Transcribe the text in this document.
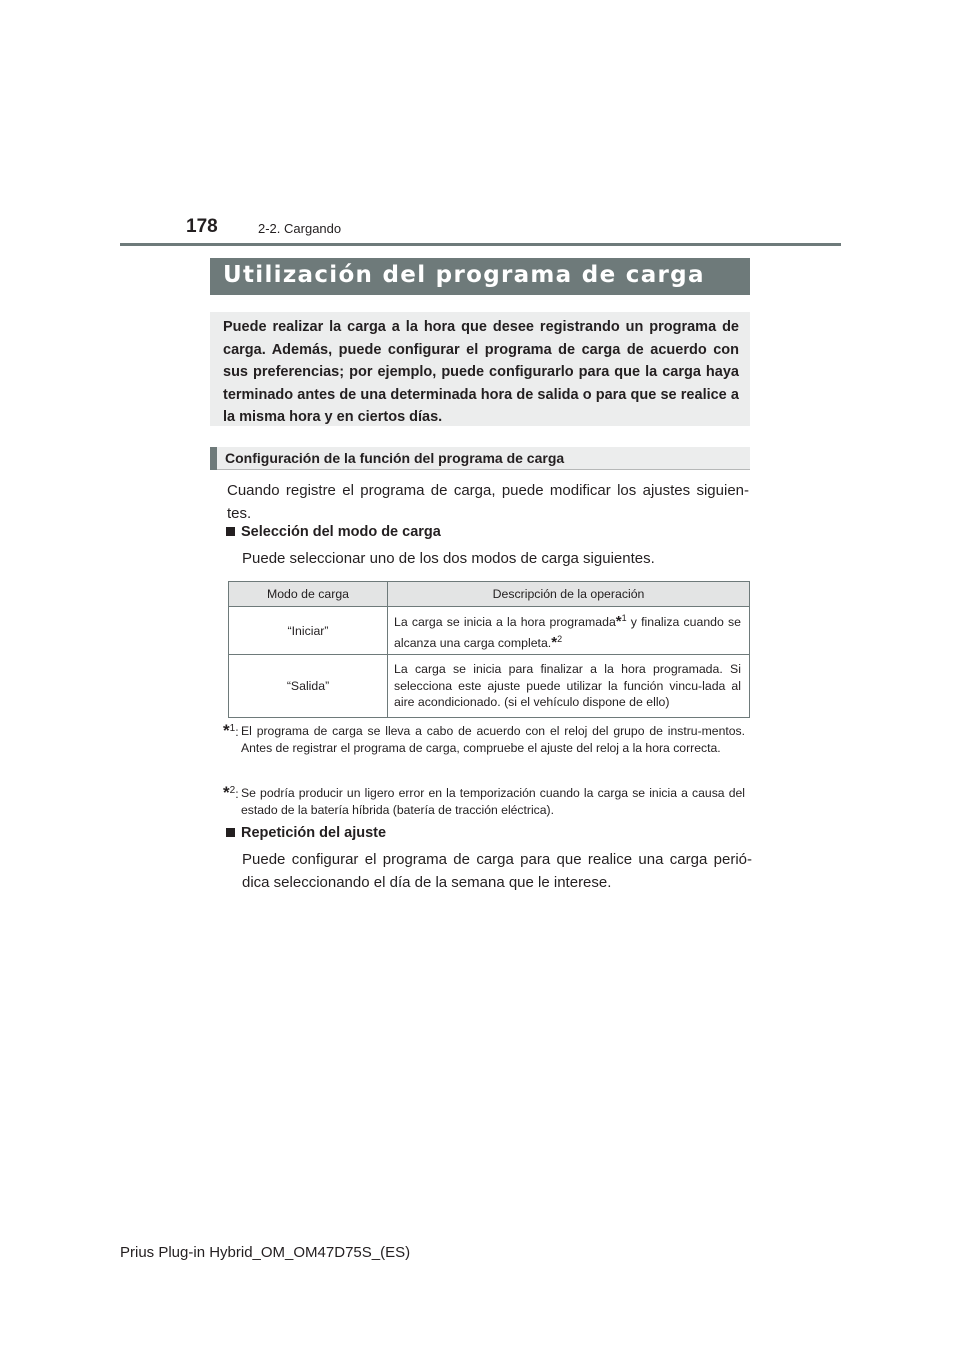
178	2-2. Cargando
Utilización del programa de carga

Puede realizar la carga a la hora que desee registrando un programa de carga. Además, puede configurar el programa de carga de acuerdo con sus preferencias; por ejemplo, puede configurarlo para que la carga haya terminado antes de una determinada hora de salida o para que se realice a la misma hora y en ciertos días.

Configuración de la función del programa de carga

Cuando registre el programa de carga, puede modificar los ajustes siguien-tes.

Selección del modo de carga

Puede seleccionar uno de los dos modos de carga siguientes.

Modo de carga	Descripción de la operación
“Iniciar”	La carga se inicia a la hora programada*$^1$ y finaliza cuando se alcanza una carga completa.*$^2$
“Salida”	La carga se inicia para finalizar a la hora programada. Si selecciona este ajuste puede utilizar la función vincu-lada al aire acondicionado. (si el vehículo dispone de ello)
*$^1$: El programa de carga se lleva a cabo de acuerdo con el reloj del grupo de instru-mentos. Antes de registrar el programa de carga, compruebe el ajuste del reloj a la hora correcta.
*$^2$: Se podría producir un ligero error en la temporización cuando la carga se inicia a causa del estado de la batería híbrida (batería de tracción eléctrica).
Repetición del ajuste

Puede configurar el programa de carga para que realice una carga perió-dica seleccionando el día de la semana que le interese.

Prius Plug-in Hybrid_OM_OM47D75S_(ES)
